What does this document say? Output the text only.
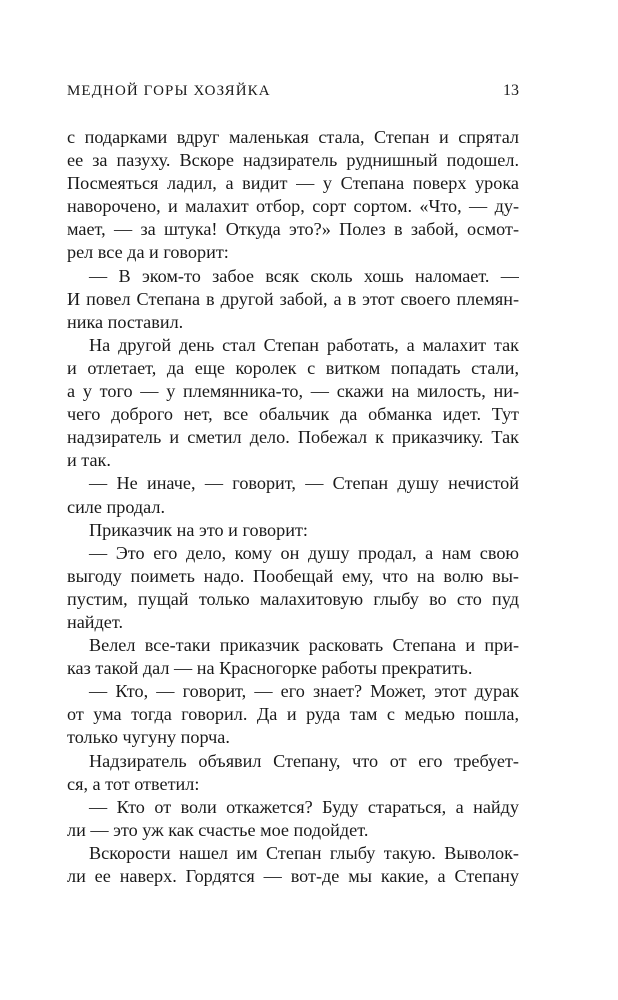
МЕДНОЙ ГОРЫ ХОЗЯЙКА	13
с подарками вдруг маленькая стала, Степан и спрятал
ее за пазуху. Вскоре надзиратель руднишный подошел.
Посмеяться ладил, а видит — у Степана поверх урока
наворочено, и малахит отбор, сорт сортом. «Что, — ду-
мает, — за штука! Откуда это?» Полез в забой, осмот-
рел все да и говорит:
— В эком-то забое всяк сколь хошь наломает. —
И повел Степана в другой забой, а в этот своего племян-
ника поставил.
На другой день стал Степан работать, а малахит так
и отлетает, да еще королек с витком попадать стали,
а у того — у племянника-то, — скажи на милость, ни-
чего доброго нет, все обальчик да обманка идет. Тут
надзиратель и сметил дело. Побежал к приказчику. Так
и так.
— Не иначе, — говорит, — Степан душу нечистой
силе продал.
Приказчик на это и говорит:
— Это его дело, кому он душу продал, а нам свою
выгоду поиметь надо. Пообещай ему, что на волю вы-
пустим, пущай только малахитовую глыбу во сто пуд
найдет.
Велел все-таки приказчик расковать Степана и при-
каз такой дал — на Красногорке работы прекратить.
— Кто, — говорит, — его знает? Может, этот дурак
от ума тогда говорил. Да и руда там с медью пошла,
только чугуну порча.
Надзиратель объявил Степану, что от его требует-
ся, а тот ответил:
— Кто от воли откажется? Буду стараться, а найду
ли — это уж как счастье мое подойдет.
Вскорости нашел им Степан глыбу такую. Выволок-
ли ее наверх. Гордятся — вот-де мы какие, а Степану
